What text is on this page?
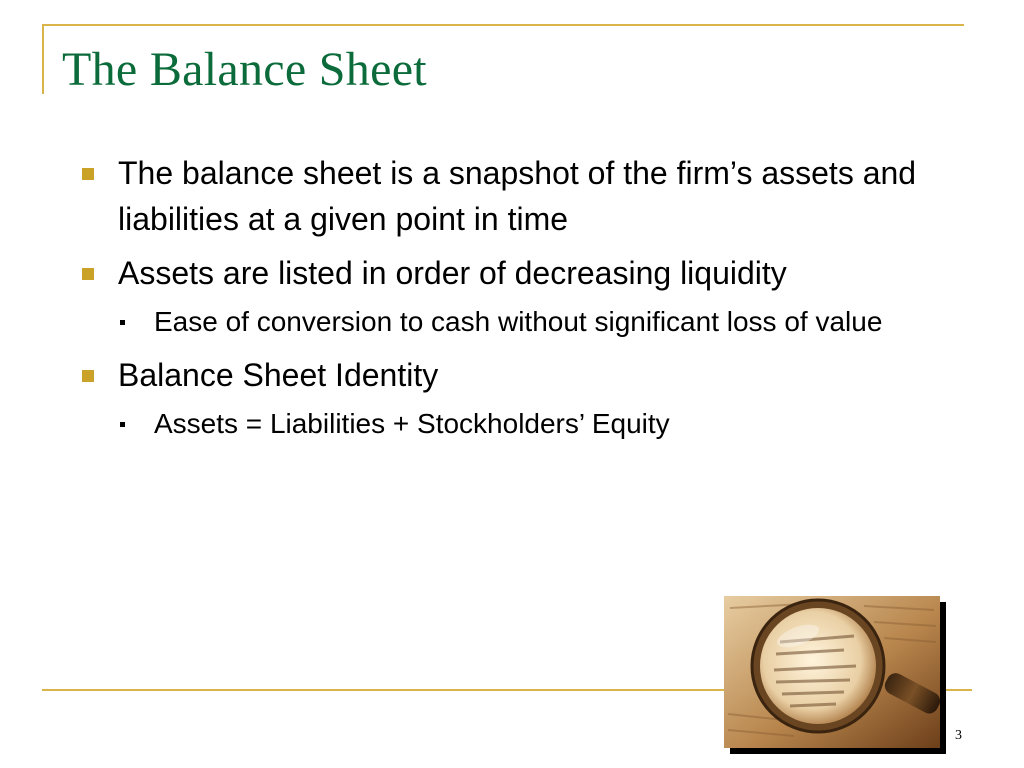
The Balance Sheet
The balance sheet is a snapshot of the firm’s assets and liabilities at a given point in time
Assets are listed in order of decreasing liquidity
Ease of conversion to cash without significant loss of value
Balance Sheet Identity
Assets = Liabilities + Stockholders’ Equity
3
